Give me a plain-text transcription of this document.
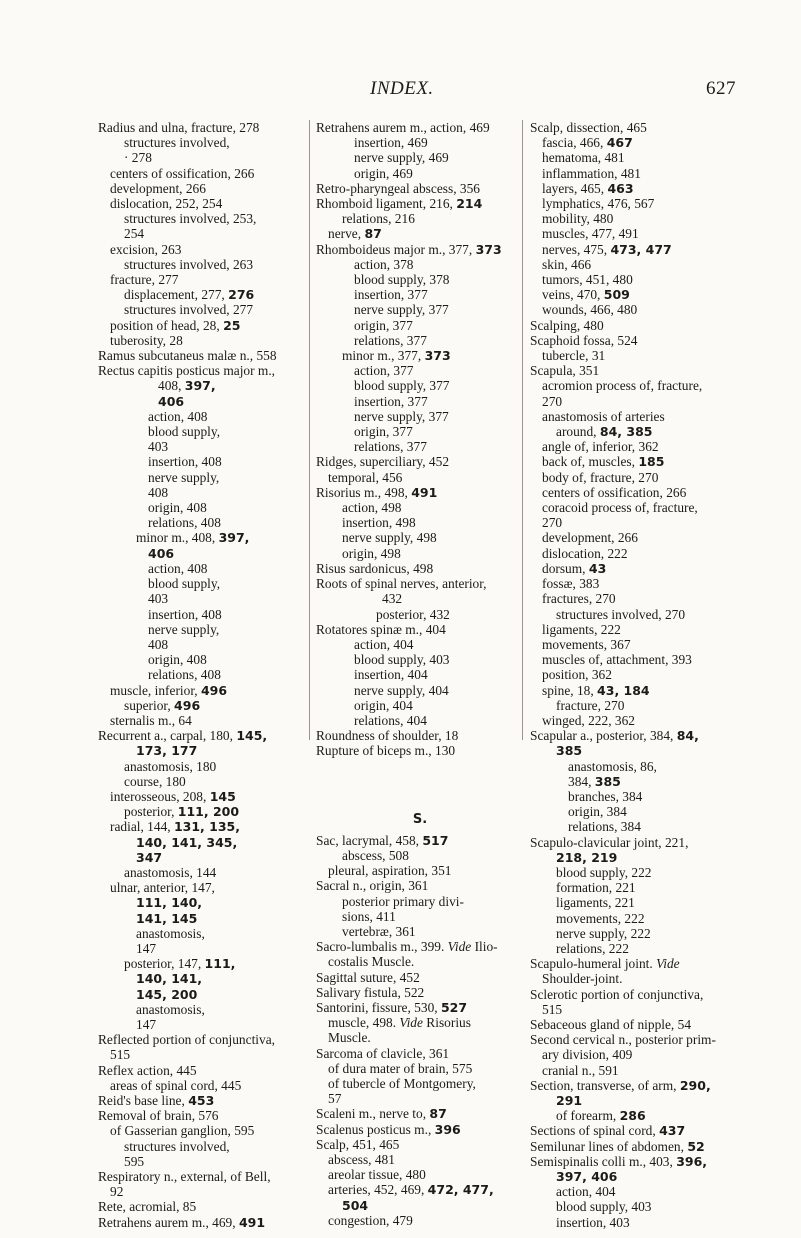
INDEX.	627
Radius and ulna, fracture, 278
structures involved,
· 278
centers of ossification, 266
development, 266
dislocation, 252, 254
structures involved, 253,
254
excision, 263
structures involved, 263
fracture, 277
displacement, 277, 276
structures involved, 277
position of head, 28, 25
tuberosity, 28
Ramus subcutaneus malæ n., 558
Rectus capitis posticus major m.,
408, 397,
406
action, 408
blood supply,
403
insertion, 408
nerve supply,
408
origin, 408
relations, 408
minor m., 408, 397,
406
action, 408
blood supply,
403
insertion, 408
nerve supply,
408
origin, 408
relations, 408
muscle, inferior, 496
superior, 496
sternalis m., 64
Recurrent a., carpal, 180, 145,
173, 177
anastomosis, 180
course, 180
interosseous, 208, 145
posterior, 111, 200
radial, 144, 131, 135,
140, 141, 345,
347
anastomosis, 144
ulnar, anterior, 147,
111, 140,
141, 145
anastomosis,
147
posterior, 147, 111,
140, 141,
145, 200
anastomosis,
147
Reflected portion of conjunctiva,
515
Reflex action, 445
areas of spinal cord, 445
Reid's base line, 453
Removal of brain, 576
of Gasserian ganglion, 595
structures involved,
595
Respiratory n., external, of Bell,
92
Rete, acromial, 85
Retrahens aurem m., 469, 491
Retrahens aurem m., action, 469
insertion, 469
nerve supply, 469
origin, 469
Retro-pharyngeal abscess, 356
Rhomboid ligament, 216, 214
relations, 216
nerve, 87
Rhomboideus major m., 377, 373
action, 378
blood supply, 378
insertion, 377
nerve supply, 377
origin, 377
relations, 377
minor m., 377, 373
action, 377
blood supply, 377
insertion, 377
nerve supply, 377
origin, 377
relations, 377
Ridges, superciliary, 452
temporal, 456
Risorius m., 498, 491
action, 498
insertion, 498
nerve supply, 498
origin, 498
Risus sardonicus, 498
Roots of spinal nerves, anterior,
432
posterior, 432
Rotatores spinæ m., 404
action, 404
blood supply, 403
insertion, 404
nerve supply, 404
origin, 404
relations, 404
Roundness of shoulder, 18
Rupture of biceps m., 130
S.
Sac, lacrymal, 458, 517
abscess, 508
pleural, aspiration, 351
Sacral n., origin, 361
posterior primary divi-
sions, 411
vertebræ, 361
Sacro-lumbalis m., 399. Vide Ilio-
costalis Muscle.
Sagittal suture, 452
Salivary fistula, 522
Santorini, fissure, 530, 527
muscle, 498. Vide Risorius
Muscle.
Sarcoma of clavicle, 361
of dura mater of brain, 575
of tubercle of Montgomery,
57
Scaleni m., nerve to, 87
Scalenus posticus m., 396
Scalp, 451, 465
abscess, 481
areolar tissue, 480
arteries, 452, 469, 472, 477,
504
congestion, 479
Scalp, dissection, 465
fascia, 466, 467
hematoma, 481
inflammation, 481
layers, 465, 463
lymphatics, 476, 567
mobility, 480
muscles, 477, 491
nerves, 475, 473, 477
skin, 466
tumors, 451, 480
veins, 470, 509
wounds, 466, 480
Scalping, 480
Scaphoid fossa, 524
tubercle, 31
Scapula, 351
acromion process of, fracture,
270
anastomosis of arteries
around, 84, 385
angle of, inferior, 362
back of, muscles, 185
body of, fracture, 270
centers of ossification, 266
coracoid process of, fracture,
270
development, 266
dislocation, 222
dorsum, 43
fossæ, 383
fractures, 270
structures involved, 270
ligaments, 222
movements, 367
muscles of, attachment, 393
position, 362
spine, 18, 43, 184
fracture, 270
winged, 222, 362
Scapular a., posterior, 384, 84,
385
anastomosis, 86,
384, 385
branches, 384
origin, 384
relations, 384
Scapulo-clavicular joint, 221,
218, 219
blood supply, 222
formation, 221
ligaments, 221
movements, 222
nerve supply, 222
relations, 222
Scapulo-humeral joint. Vide
Shoulder-joint.
Sclerotic portion of conjunctiva,
515
Sebaceous gland of nipple, 54
Second cervical n., posterior prim-
ary division, 409
cranial n., 591
Section, transverse, of arm, 290,
291
of forearm, 286
Sections of spinal cord, 437
Semilunar lines of abdomen, 52
Semispinalis colli m., 403, 396,
397, 406
action, 404
blood supply, 403
insertion, 403
